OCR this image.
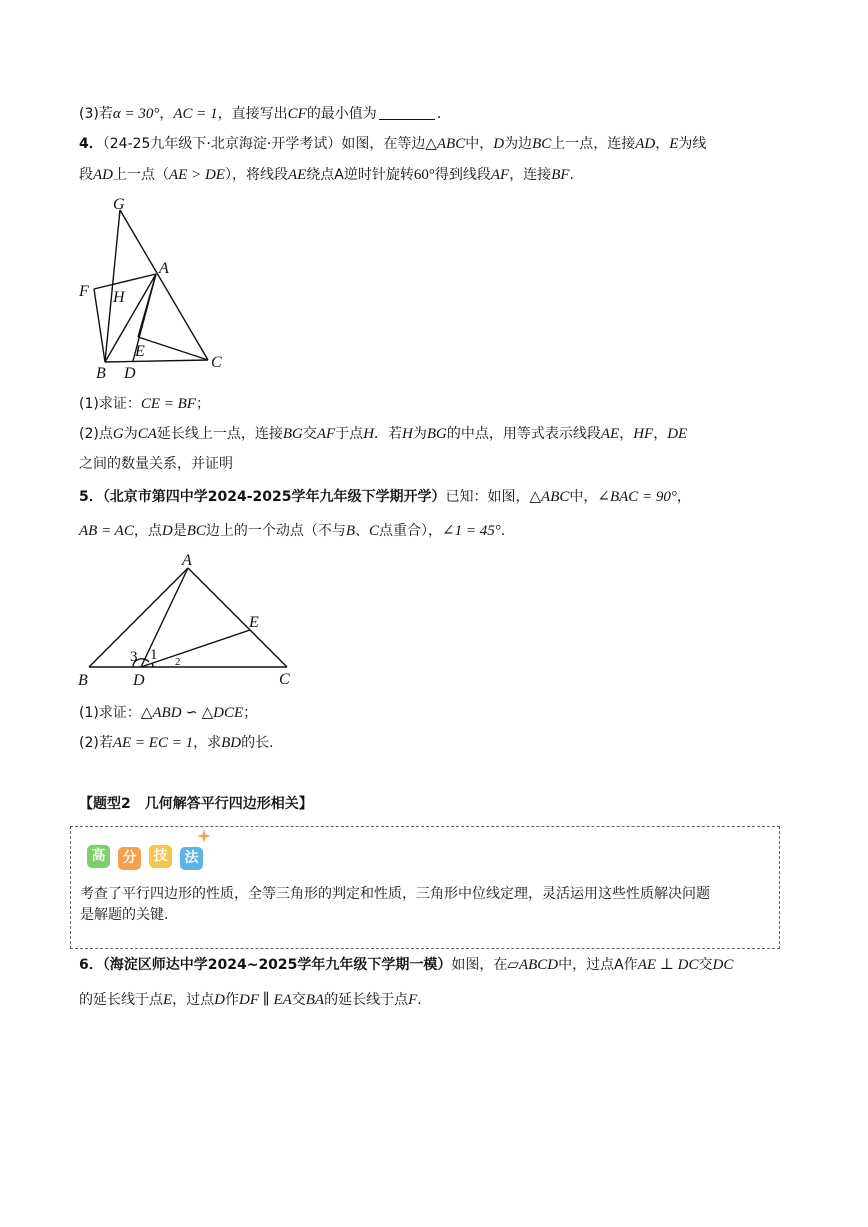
(3)若α = 30°，AC = 1，直接写出CF的最小值为	.
4．（24-25九年级下·北京海淀·开学考试）如图，在等边△ABC中，D为边BC上一点，连接AD，E为线
段AD上一点（AE > DE），将线段AE绕点A逆时针旋转60°得到线段AF，连接BF.
G
A
F H
E
B D
C
(1)求证：CE = BF；
(2)点G为CA延长线上一点，连接BG交AF于点H．若H为BG的中点，用等式表示线段AE，HF，DE
之间的数量关系，并证明
5．（北京市第四中学2024-2025学年九年级下学期开学）已知：如图，△ABC中，∠BAC = 90°，
AB = AC，点D是BC边上的一个动点（不与B、C点重合），∠1 = 45°.
A
E
B	D	C
1 2
3
(1)求证：△ABD ∽ △DCE；
(2)若AE = EC = 1，求BD的长.
【题型2　几何解答平行四边形相关】
高	分	技	法
考查了平行四边形的性质，全等三角形的判定和性质，三角形中位线定理，灵活运用这些性质解决问题
是解题的关键.
6．（海淀区师达中学2024~2025学年九年级下学期一模）如图，在▱ABCD中，过点A作AE ⊥ DC交DC
的延长线于点E，过点D作DF ∥ EA交BA的延长线于点F.
